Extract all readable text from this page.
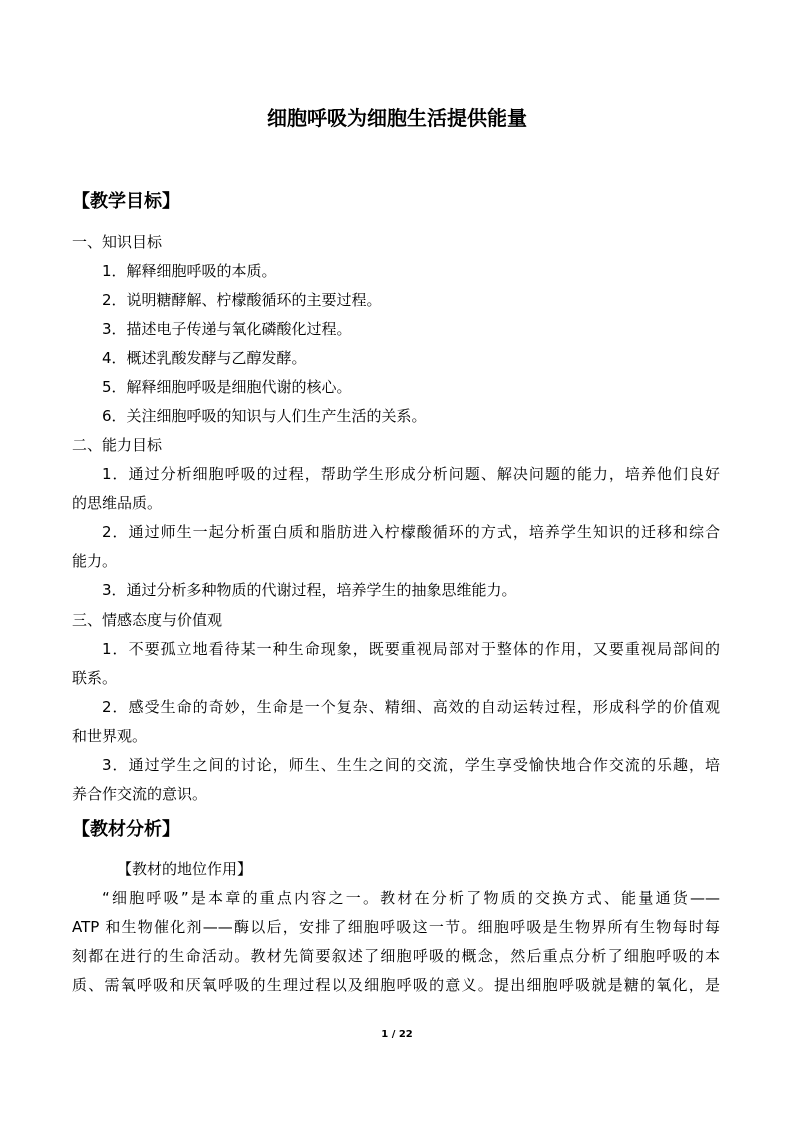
细胞呼吸为细胞生活提供能量
【教学目标】
一、知识目标
1．解释细胞呼吸的本质。
2．说明糖酵解、柠檬酸循环的主要过程。
3．描述电子传递与氧化磷酸化过程。
4．概述乳酸发酵与乙醇发酵。
5．解释细胞呼吸是细胞代谢的核心。
6．关注细胞呼吸的知识与人们生产生活的关系。
二、能力目标
1．通过分析细胞呼吸的过程，帮助学生形成分析问题、解决问题的能力，培养他们良好
的思维品质。
2．通过师生一起分析蛋白质和脂肪进入柠檬酸循环的方式，培养学生知识的迁移和综合
能力。
3．通过分析多种物质的代谢过程，培养学生的抽象思维能力。
三、情感态度与价值观
1．不要孤立地看待某一种生命现象，既要重视局部对于整体的作用，又要重视局部间的
联系。
2．感受生命的奇妙，生命是一个复杂、精细、高效的自动运转过程，形成科学的价值观
和世界观。
3．通过学生之间的讨论，师生、生生之间的交流，学生享受愉快地合作交流的乐趣，培
养合作交流的意识。
【教材分析】
【教材的地位作用】
“细胞呼吸”是本章的重点内容之一。教材在分析了物质的交换方式、能量通货——
ATP 和生物催化剂——酶以后，安排了细胞呼吸这一节。细胞呼吸是生物界所有生物每时每
刻都在进行的生命活动。教材先简要叙述了细胞呼吸的概念，然后重点分析了细胞呼吸的本
质、需氧呼吸和厌氧呼吸的生理过程以及细胞呼吸的意义。提出细胞呼吸就是糖的氧化，是
1 / 22
